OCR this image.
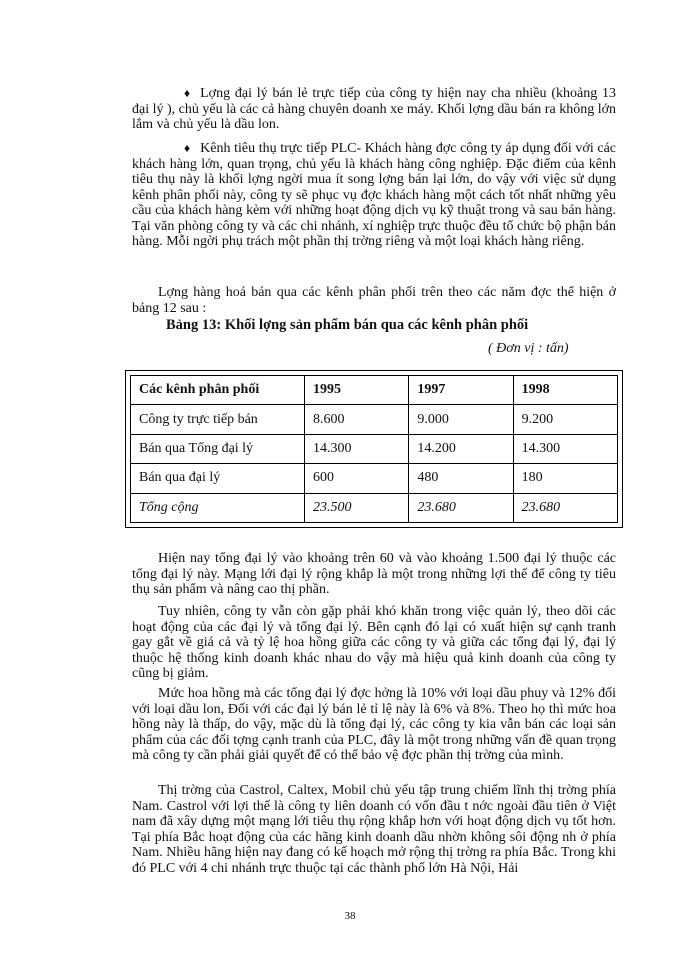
♦ Lợng đại lý bán lẻ trực tiếp của công ty hiện nay cha nhiều (khoảng 13 đại lý ), chủ yếu là các cả hàng chuyên doanh xe máy. Khối lợng dầu bán ra không lớn lắm và chủ yếu là dầu lon.

♦ Kênh tiêu thụ trực tiếp PLC- Khách hàng đợc công ty áp dụng đối với các khách hàng lớn, quan trọng, chủ yếu là khách hàng công nghiệp. Đặc điểm của kênh tiêu thụ này là khối lợng ngời mua ít song lợng bán lại lớn, do vậy với việc sử dụng kênh phân phối này, công ty sẽ phục vụ đợc khách hàng một cách tốt nhất những yêu cầu của khách hàng kèm với những hoạt động dịch vụ kỹ thuật trong và sau bán hàng. Tại văn phòng công ty và các chi nhánh, xí nghiệp trực thuộc đều tổ chức bộ phận bán hàng. Mỗi ngời phụ trách một phần thị trờng riêng và một loại khách hàng riêng.

Lợng hàng hoá bán qua các kênh phân phối trên theo các năm đợc thể hiện ở bảng 12 sau :

Bảng 13: Khối lợng sản phẩm bán qua các kênh phân phối

( Đơn vị : tấn)

Các kênh phân phối	1995	1997	1998
Công ty trực tiếp bán	8.600	9.000	9.200
Bán qua Tổng đại lý	14.300	14.200	14.300
Bán qua đại lý	600	480	180
Tổng cộng	23.500	23.680	23.680

Hiện nay tổng đại lý vào khoảng trên 60 và vào khoảng 1.500 đại lý thuộc các tổng đại lý này. Mạng lới đại lý rộng khắp là một trong những lợi thế để công ty tiêu thụ sản phẩm và nâng cao thị phần.

Tuy nhiên, công ty vẫn còn gặp phải khó khăn trong việc quản lý, theo dõi các hoạt động của các đại lý và tổng đại lý. Bên cạnh đó lại có xuất hiện sự cạnh tranh gay gắt về giá cả và tỷ lệ hoa hồng giữa các công ty và giữa các tổng đại lý, đại lý thuộc hệ thống kinh doanh khác nhau do vậy mà hiệu quả kinh doanh của công ty cũng bị giảm.

Mức hoa hồng mà các tổng đại lý đợc hởng là 10% với loại dầu phuy và 12% đối với loại dầu lon, Đối với các đại lý bán lẻ tỉ lệ này là 6% và 8%. Theo họ thì mức hoa hồng này là thấp, do vậy, mặc dù là tổng đại lý, các công ty kia vẫn bán các loại sản phẩm của các đối tợng cạnh tranh của PLC, đây là một trong những vấn đề quan trọng mà công ty cần phải giải quyết để có thể bảo vệ đợc phần thị trờng của mình.

Thị trờng của Castrol, Caltex, Mobil chủ yếu tập trung chiếm lĩnh thị trờng phía Nam. Castrol với lợi thế là công ty liên doanh có vốn đầu t nớc ngoài đầu tiên ở Việt nam đã xây dựng một mạng lới tiêu thụ rộng khắp hơn với hoạt động dịch vụ tốt hơn. Tại phía Bắc hoạt động của các hãng kinh doanh dầu nhờn không sôi động nh ở phía Nam. Nhiều hãng hiện nay đang có kế hoạch mở rộng thị trờng ra phía Bắc. Trong khi đó PLC với 4 chi nhánh trực thuộc tại các thành phố lớn Hà Nội, Hải

38
